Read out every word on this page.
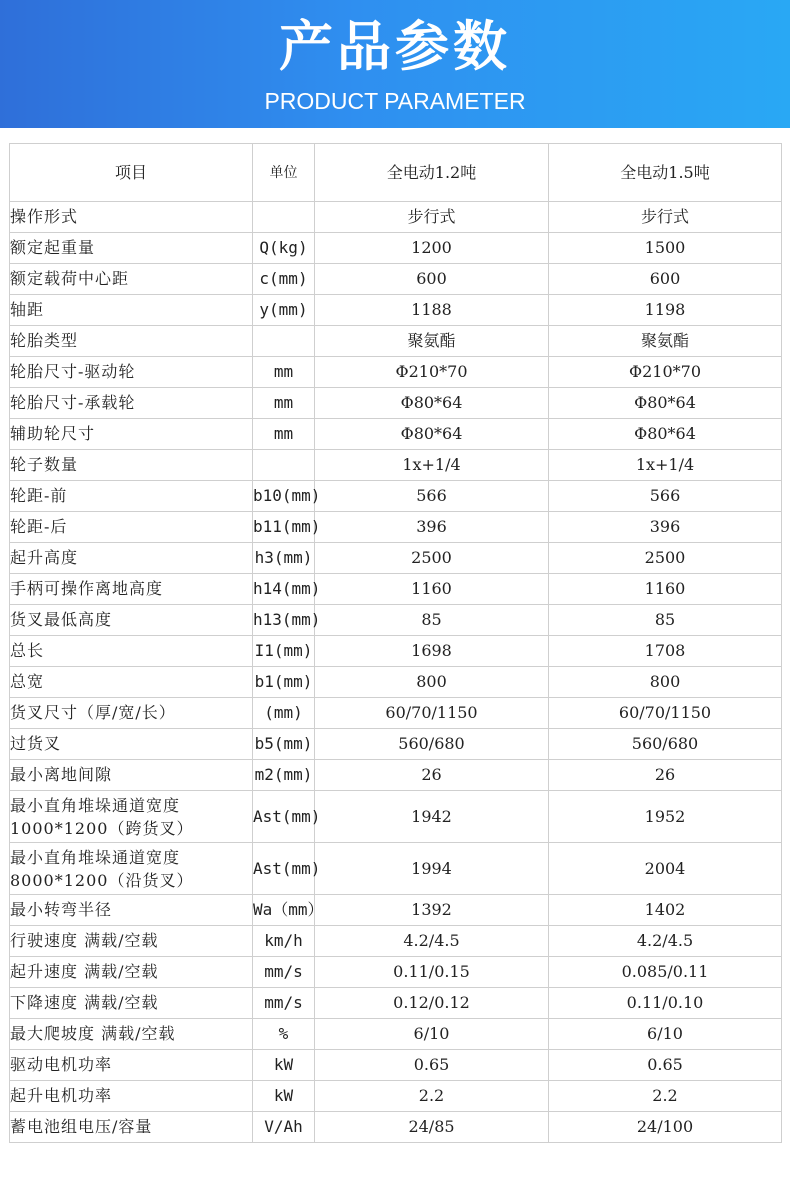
产品参数
PRODUCT PARAMETER
项目	单位	全电动1.2吨	全电动1.5吨
操作形式		步行式	步行式
额定起重量	Q(kg)	1200	1500
额定载荷中心距	c(mm)	600	600
轴距	y(mm)	1188	1198
轮胎类型		聚氨酯	聚氨酯
轮胎尺寸-驱动轮	mm	Φ210*70	Φ210*70
轮胎尺寸-承载轮	mm	Φ80*64	Φ80*64
辅助轮尺寸	mm	Φ80*64	Φ80*64
轮子数量		1x+1/4	1x+1/4
轮距-前	b10(mm)	566	566
轮距-后	b11(mm)	396	396
起升高度	h3(mm)	2500	2500
手柄可操作离地高度	h14(mm)	1160	1160
货叉最低高度	h13(mm)	85	85
总长	I1(mm)	1698	1708
总宽	b1(mm)	800	800
货叉尺寸（厚/宽/长）	(mm)	60/70/1150	60/70/1150
过货叉	b5(mm)	560/680	560/680
最小离地间隙	m2(mm)	26	26
最小直角堆垛通道宽度1000*1200（跨货叉）	Ast(mm)	1942	1952
最小直角堆垛通道宽度8000*1200（沿货叉）	Ast(mm)	1994	2004
最小转弯半径	Wa（mm）	1392	1402
行驶速度 满载/空载	km/h	4.2/4.5	4.2/4.5
起升速度 满载/空载	mm/s	0.11/0.15	0.085/0.11
下降速度 满载/空载	mm/s	0.12/0.12	0.11/0.10
最大爬坡度 满载/空载	%	6/10	6/10
驱动电机功率	kW	0.65	0.65
起升电机功率	kW	2.2	2.2
蓄电池组电压/容量	V/Ah	24/85	24/100
